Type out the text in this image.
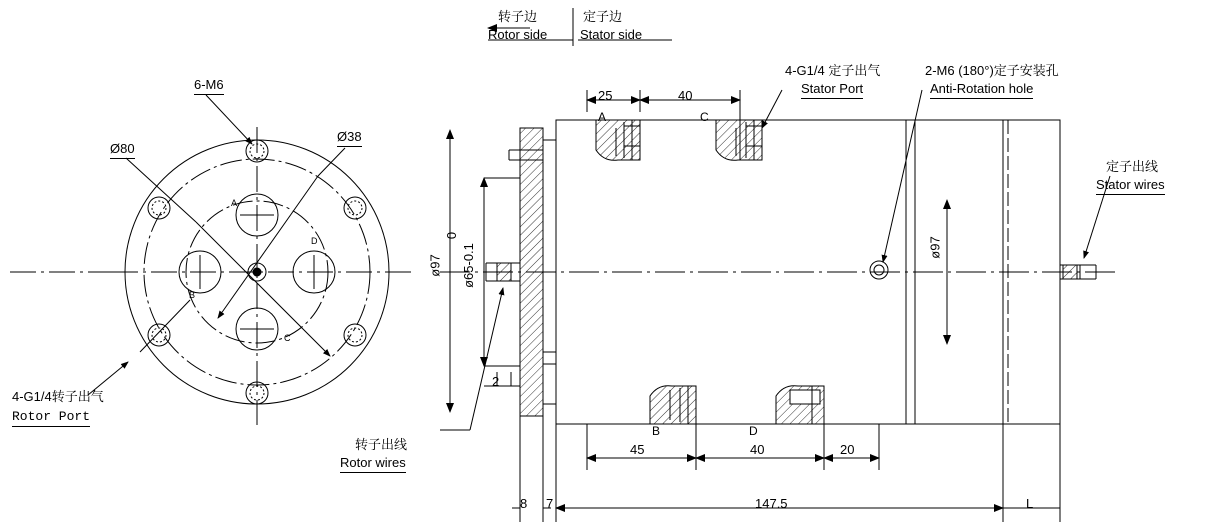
转子边
Rotor side
定子边
Stator side
6-M6
Ø80
Ø38
4-G1/4转子出气
Rotor Port
转子出线
Rotor wires
A
B
C
D
4-G1/4 定子出气
Stator Port
2-M6 (180°)定子安装孔
Anti-Rotation hole
定子出线
Stator wires
A	C
B	D
25	40
45	40	20
8 7	147.5	L
2
ø97 ø65-0.1
0
ø97
